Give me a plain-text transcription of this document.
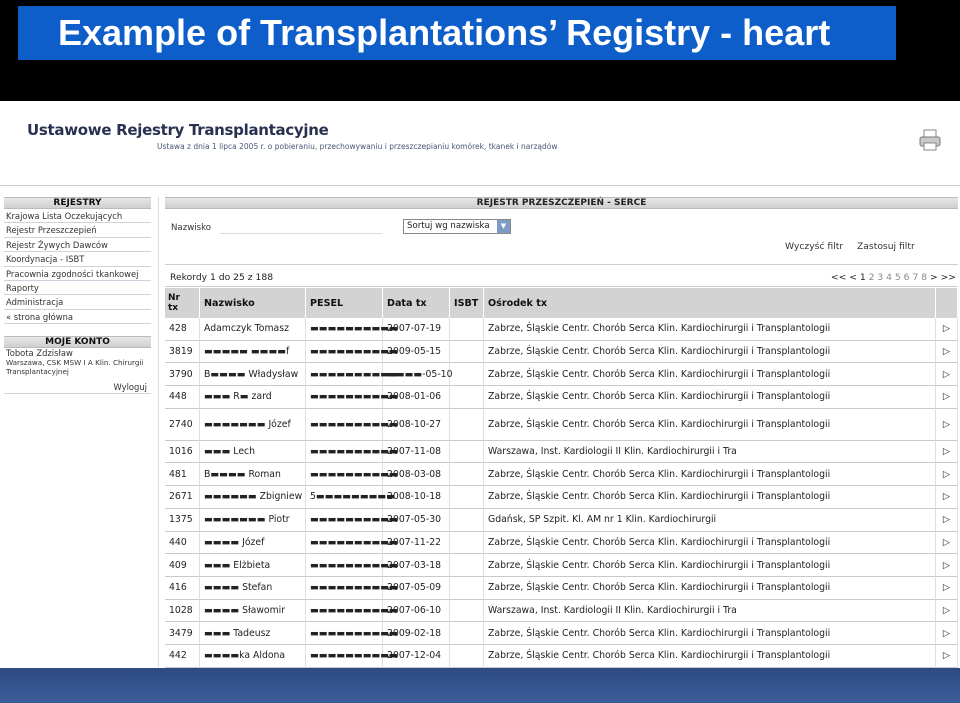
Example of Transplantations’ Registry - heart
Ustawowe Rejestry Transplantacyjne
Ustawa z dnia 1 lipca 2005 r. o pobieraniu, przechowywaniu i przeszczepianiu komórek, tkanek i narządów
REJESTRY
Krajowa Lista Oczekujących
Rejestr Przeszczepień
Rejestr Żywych Dawców
Koordynacja - ISBT
Pracownia zgodności tkankowej
Raporty
Administracja
« strona główna
MOJE KONTO
Tobota Zdzisław
Warszawa, CSK MSW I A Klin. Chirurgii Transplantacyjnej
Wyloguj
REJESTR PRZESZCZEPIEŃ - SERCE
Nazwisko	Sortuj wg nazwiska	▼
Wyczyść filtr Zastosuj filtr
Rekordy 1 do 25 z 188	<< < 1 2 3 4 5 6 7 8 > >>
Nr
tx	Nazwisko	PESEL	Data tx	ISBT	Ośrodek tx	
428	Adamczyk Tomasz	▬▬▬▬▬▬▬▬▬▬	2007-07-19		Zabrze, Śląskie Centr. Chorób Serca Klin. Kardiochirurgii i Transplantologii	▷
3819	▬▬▬▬▬ ▬▬▬▬f	▬▬▬▬▬▬▬▬▬▬	2009-05-15		Zabrze, Śląskie Centr. Chorób Serca Klin. Kardiochirurgii i Transplantologii	▷
3790	B▬▬▬▬ Władysław	▬▬▬▬▬▬▬▬▬▬	▬▬▬▬-05-10		Zabrze, Śląskie Centr. Chorób Serca Klin. Kardiochirurgii i Transplantologii	▷
448	▬▬▬ R▬ zard	▬▬▬▬▬▬▬▬▬▬	2008-01-06		Zabrze, Śląskie Centr. Chorób Serca Klin. Kardiochirurgii i Transplantologii	▷
2740	▬▬▬▬▬▬▬ Józef	▬▬▬▬▬▬▬▬▬▬	2008-10-27		Zabrze, Śląskie Centr. Chorób Serca Klin. Kardiochirurgii i Transplantologii	▷
1016	▬▬▬ Lech	▬▬▬▬▬▬▬▬▬▬	2007-11-08		Warszawa, Inst. Kardiologii II Klin. Kardiochirurgii i Tra	▷
481	B▬▬▬▬ Roman	▬▬▬▬▬▬▬▬▬▬	2008-03-08		Zabrze, Śląskie Centr. Chorób Serca Klin. Kardiochirurgii i Transplantologii	▷
2671	▬▬▬▬▬▬ Zbigniew	5▬▬▬▬▬▬▬▬▬	2008-10-18		Zabrze, Śląskie Centr. Chorób Serca Klin. Kardiochirurgii i Transplantologii	▷
1375	▬▬▬▬▬▬▬ Piotr	▬▬▬▬▬▬▬▬▬▬	2007-05-30		Gdańsk, SP Szpit. Kl. AM nr 1 Klin. Kardiochirurgii	▷
440	▬▬▬▬ Józef	▬▬▬▬▬▬▬▬▬▬	2007-11-22		Zabrze, Śląskie Centr. Chorób Serca Klin. Kardiochirurgii i Transplantologii	▷
409	▬▬▬ Elżbieta	▬▬▬▬▬▬▬▬▬▬	2007-03-18		Zabrze, Śląskie Centr. Chorób Serca Klin. Kardiochirurgii i Transplantologii	▷
416	▬▬▬▬ Stefan	▬▬▬▬▬▬▬▬▬▬	2007-05-09		Zabrze, Śląskie Centr. Chorób Serca Klin. Kardiochirurgii i Transplantologii	▷
1028	▬▬▬▬ Sławomir	▬▬▬▬▬▬▬▬▬▬	2007-06-10		Warszawa, Inst. Kardiologii II Klin. Kardiochirurgii i Tra	▷
3479	▬▬▬ Tadeusz	▬▬▬▬▬▬▬▬▬▬	2009-02-18		Zabrze, Śląskie Centr. Chorób Serca Klin. Kardiochirurgii i Transplantologii	▷
442	▬▬▬▬ka Aldona	▬▬▬▬▬▬▬▬▬▬	2007-12-04		Zabrze, Śląskie Centr. Chorób Serca Klin. Kardiochirurgii i Transplantologii	▷
